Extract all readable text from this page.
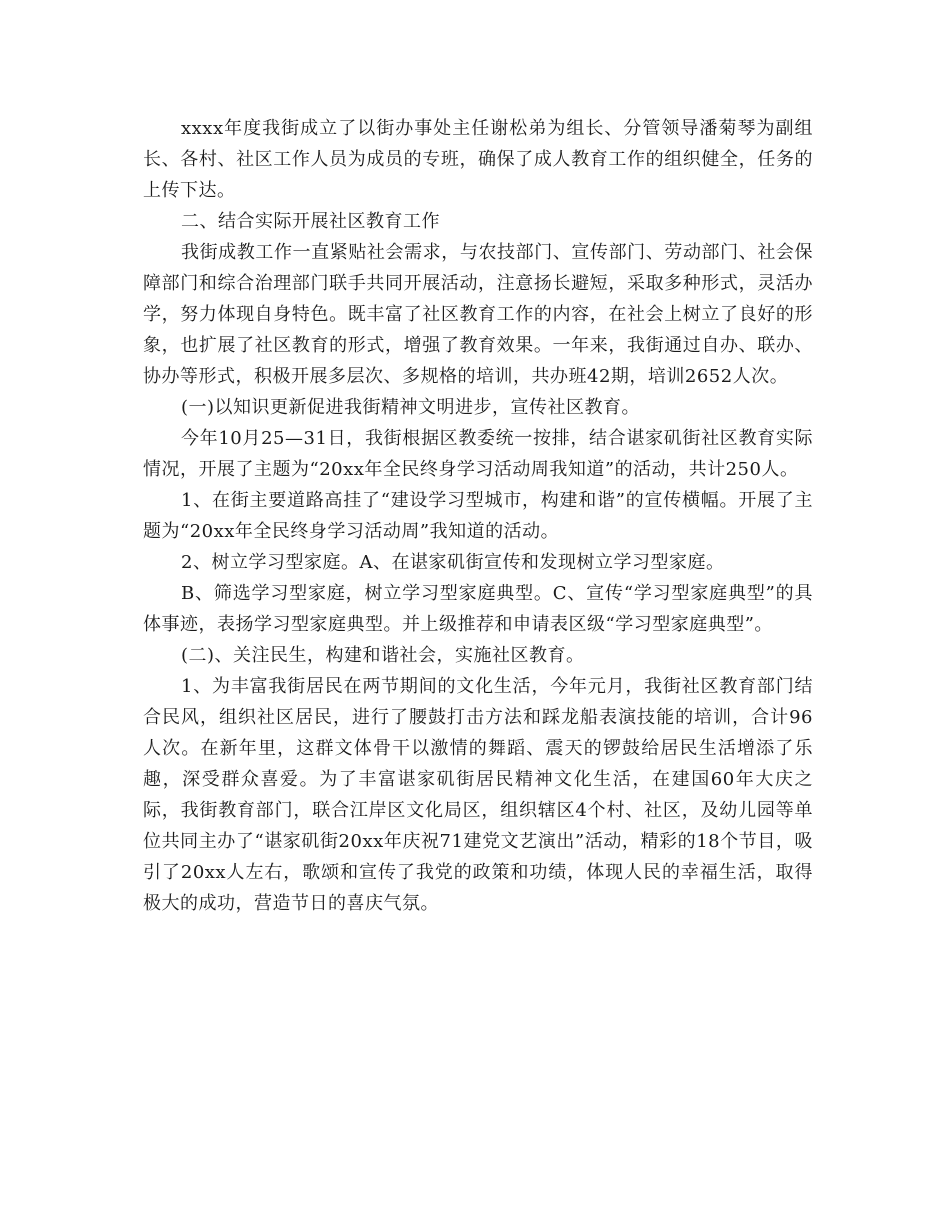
xxxx年度我街成立了以街办事处主任谢松弟为组长、分管领导潘菊琴为副组长、各村、社区工作人员为成员的专班，确保了成人教育工作的组织健全，任务的上传下达。

二、结合实际开展社区教育工作

我街成教工作一直紧贴社会需求，与农技部门、宣传部门、劳动部门、社会保障部门和综合治理部门联手共同开展活动，注意扬长避短，采取多种形式，灵活办学，努力体现自身特色。既丰富了社区教育工作的内容，在社会上树立了良好的形象，也扩展了社区教育的形式，增强了教育效果。一年来，我街通过自办、联办、协办等形式，积极开展多层次、多规格的培训，共办班42期，培训2652人次。

(一)以知识更新促进我街精神文明进步，宣传社区教育。

今年10月25—31日，我街根据区教委统一按排，结合谌家矶街社区教育实际情况，开展了主题为“20xx年全民终身学习活动周我知道”的活动，共计250人。

1、在街主要道路高挂了“建设学习型城市，构建和谐”的宣传横幅。开展了主题为“20xx年全民终身学习活动周”我知道的活动。

2、树立学习型家庭。A、在谌家矶街宣传和发现树立学习型家庭。

B、筛选学习型家庭，树立学习型家庭典型。C、宣传“学习型家庭典型”的具体事迹，表扬学习型家庭典型。并上级推荐和申请表区级“学习型家庭典型”。

(二)、关注民生，构建和谐社会，实施社区教育。

1、为丰富我街居民在两节期间的文化生活，今年元月，我街社区教育部门结合民风，组织社区居民，进行了腰鼓打击方法和踩龙船表演技能的培训，合计96人次。在新年里，这群文体骨干以激情的舞蹈、震天的锣鼓给居民生活增添了乐趣，深受群众喜爱。为了丰富谌家矶街居民精神文化生活，在建国60年大庆之际，我街教育部门，联合江岸区文化局区，组织辖区4个村、社区，及幼儿园等单位共同主办了“谌家矶街20xx年庆祝71建党文艺演出”活动，精彩的18个节目，吸引了20xx人左右，歌颂和宣传了我党的政策和功绩，体现人民的幸福生活，取得极大的成功，营造节日的喜庆气氛。
